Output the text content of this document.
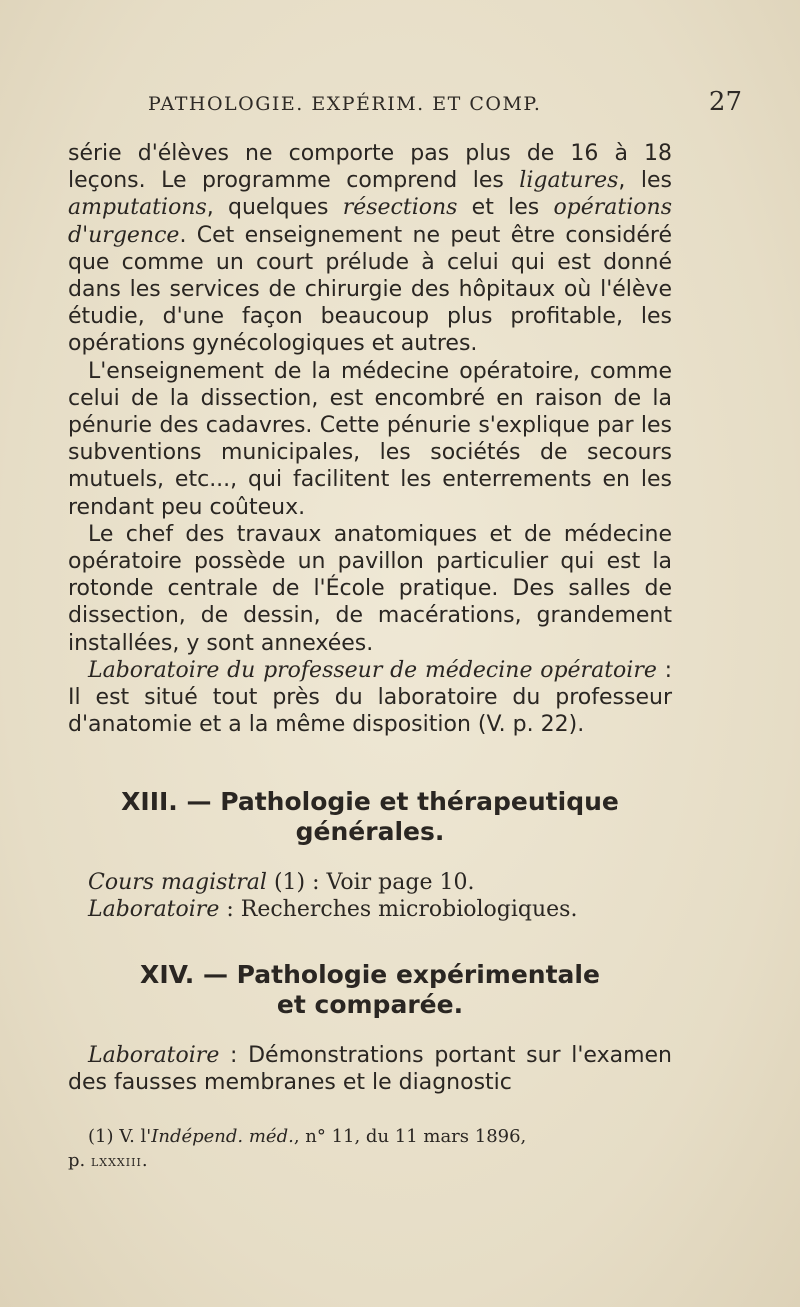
PATHOLOGIE. EXPÉRIM. ET COMP.	27

série d'élèves ne comporte pas plus de 16 à 18 leçons. Le programme comprend les ligatures, les amputations, quelques résections et les opérations d'urgence. Cet enseignement ne peut être considéré que comme un court prélude à celui qui est donné dans les services de chirurgie des hôpitaux où l'élève étudie, d'une façon beaucoup plus profitable, les opérations gynécologiques et autres.

L'enseignement de la médecine opératoire, comme celui de la dissection, est encombré en raison de la pénurie des cadavres. Cette pénurie s'explique par les subventions municipales, les sociétés de secours mutuels, etc..., qui facilitent les enterrements en les rendant peu coûteux.

Le chef des travaux anatomiques et de médecine opératoire possède un pavillon particulier qui est la rotonde centrale de l'École pratique. Des salles de dissection, de dessin, de macérations, grandement installées, y sont annexées.

Laboratoire du professeur de médecine opératoire : Il est situé tout près du laboratoire du professeur d'anatomie et a la même disposition (V. p. 22).

XIII. — Pathologie et thérapeutique
générales.
Cours magistral (1) : Voir page 10.
Laboratoire : Recherches microbiologiques.
XIV. — Pathologie expérimentale
et comparée.

Laboratoire : Démonstrations portant sur l'examen des fausses membranes et le diagnostic

(1) V. l'Indépend. méd., n° 11, du 11 mars 1896,
p. lxxxiii.
